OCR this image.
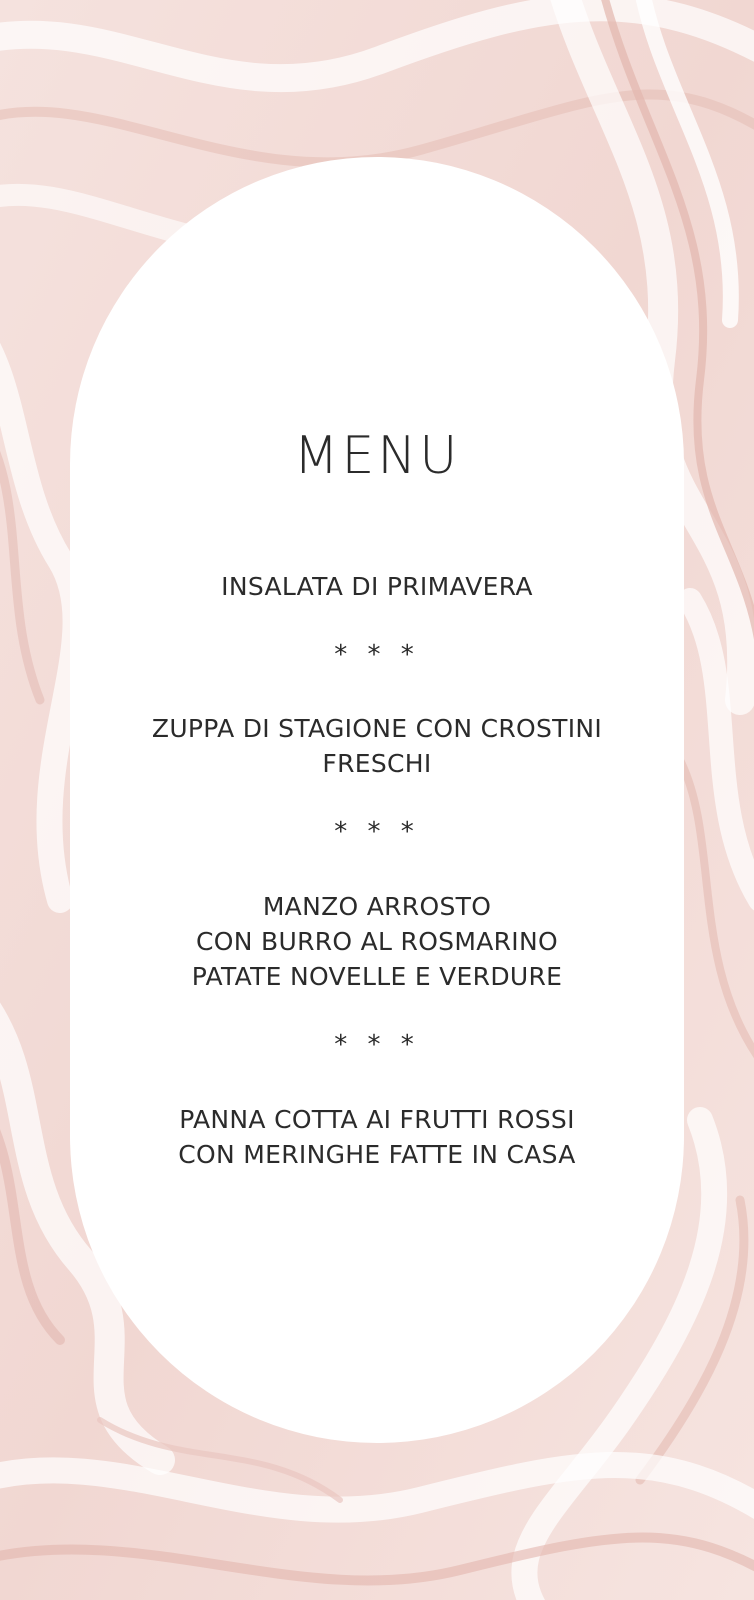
MENU
INSALATA DI PRIMAVERA
* * *
ZUPPA DI STAGIONE CON CROSTINI
FRESCHI
* * *
MANZO ARROSTO
CON BURRO AL ROSMARINO
PATATE NOVELLE E VERDURE
* * *
PANNA COTTA AI FRUTTI ROSSI
CON MERINGHE FATTE IN CASA
